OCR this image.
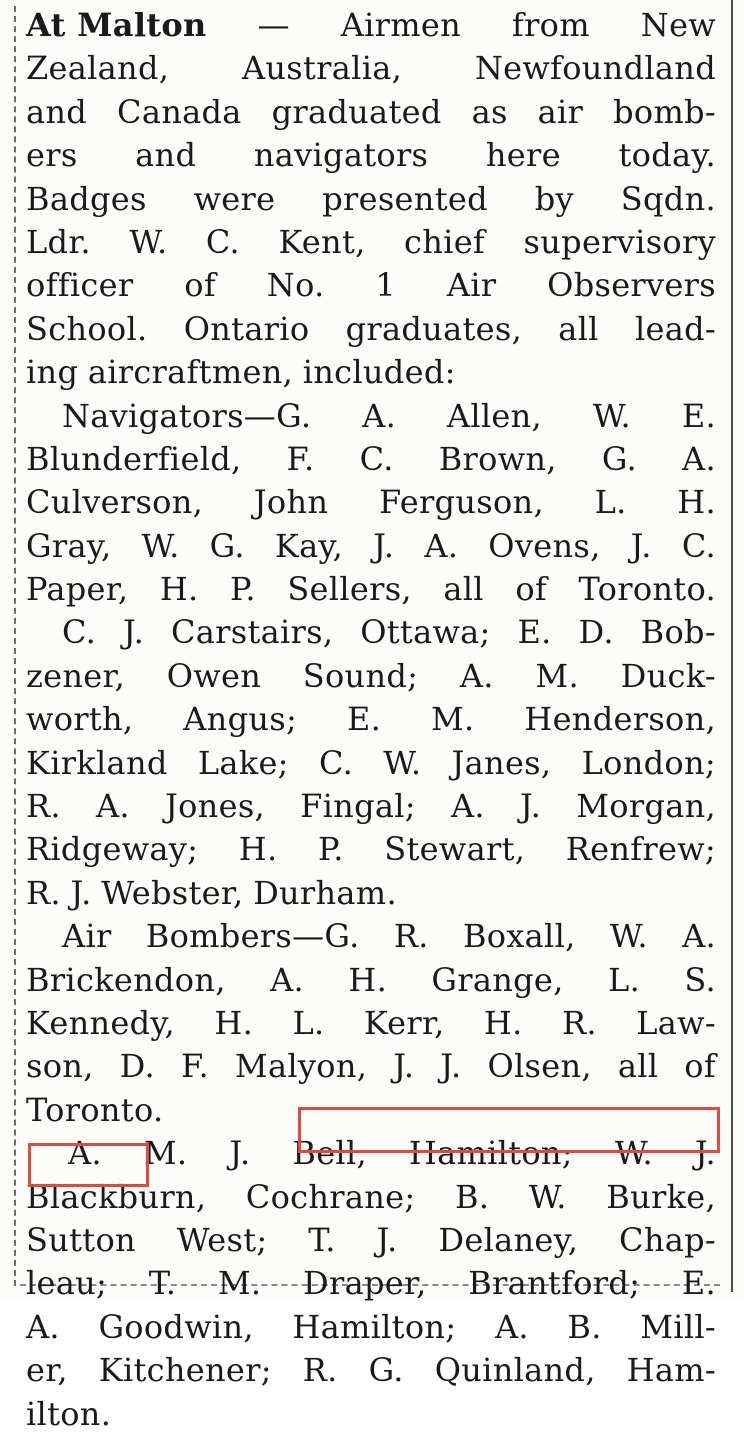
At Malton — Airmen from New
Zealand, Australia, Newfoundland
and Canada graduated as air bomb-
ers and navigators here today.
Badges were presented by Sqdn.
Ldr. W. C. Kent, chief supervisory
officer of No. 1 Air Observers
School. Ontario graduates, all lead-
ing aircraftmen, included:
Navigators—G. A. Allen, W. E.
Blunderfield, F. C. Brown, G. A.
Culverson, John Ferguson, L. H.
Gray, W. G. Kay, J. A. Ovens, J. C.
Paper, H. P. Sellers, all of Toronto.
C. J. Carstairs, Ottawa; E. D. Bob-
zener, Owen Sound; A. M. Duck-
worth, Angus; E. M. Henderson,
Kirkland Lake; C. W. Janes, London;
R. A. Jones, Fingal; A. J. Morgan,
Ridgeway; H. P. Stewart, Renfrew;
R. J. Webster, Durham.
Air Bombers—G. R. Boxall, W. A.
Brickendon, A. H. Grange, L. S.
Kennedy, H. L. Kerr, H. R. Law-
son, D. F. Malyon, J. J. Olsen, all of
Toronto.
A. M. J. Bell, Hamilton; W. J.
Blackburn, Cochrane; B. W. Burke,
Sutton West; T. J. Delaney, Chap-
leau; T. M. Draper, Brantford; E.
A. Goodwin, Hamilton; A. B. Mill-
er, Kitchener; R. G. Quinland, Ham-
ilton.
